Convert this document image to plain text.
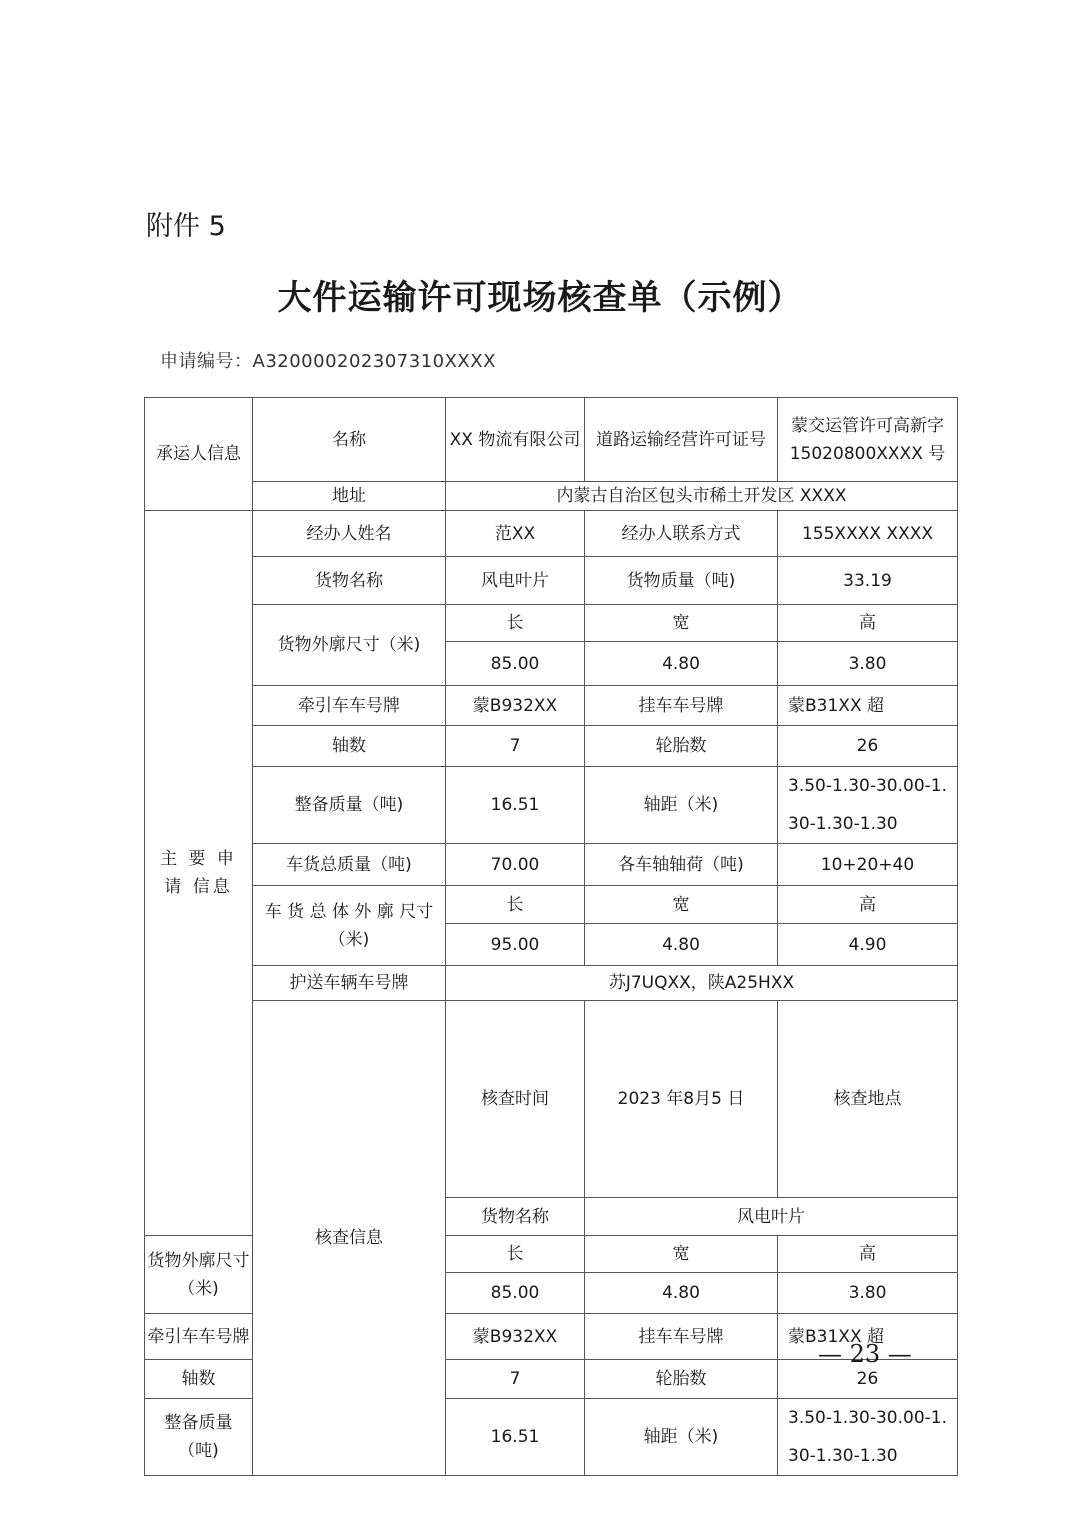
附件 5
大件运输许可现场核查单（示例）
申请编号：A320000202307310XXXX
承运人信息	名称	XX 物流有限公司	道路运输经营许可证号	蒙交运管许可高新字 15020800XXXX 号	
	地址	内蒙古自治区包头市稀土开发区 XXXX			
主 要 申 请 信息	经办人姓名	范XX	经办人联系方式	155XXXX XXXX	
	货物名称	风电叶片	货物质量（吨)	33.19	
	货物外廓尺寸（米)	长	宽	高	
		85.00	4.80	3.80	
	牵引车车号牌	蒙B932XX	挂车车号牌	蒙B31XX 超	
	轴数	7	轮胎数	26	
	整备质量（吨)	16.51	轴距（米)	3.50-1.30-30.00-1.30-1.30-1.30	
	车货总质量（吨)	70.00	各车轴轴荷（吨)	10+20+40	
	车 货 总 体 外 廓 尺寸（米)	长	宽	高	
		95.00	4.80	4.90	
	护送车辆车号牌	苏J7UQXX，陕A25HXX			
	核查信息	核查时间	2023 年8月5 日	核查地点	
		货物名称	风电叶片		
货物外廓尺寸（米)		长	宽	高	
		85.00	4.80	3.80	
牵引车车号牌		蒙B932XX	挂车车号牌	蒙B31XX 超	
轴数		7	轮胎数	26	
整备质量（吨)		16.51	轴距（米)	3.50-1.30-30.00-1.30-1.30-1.30	
— 23 —
